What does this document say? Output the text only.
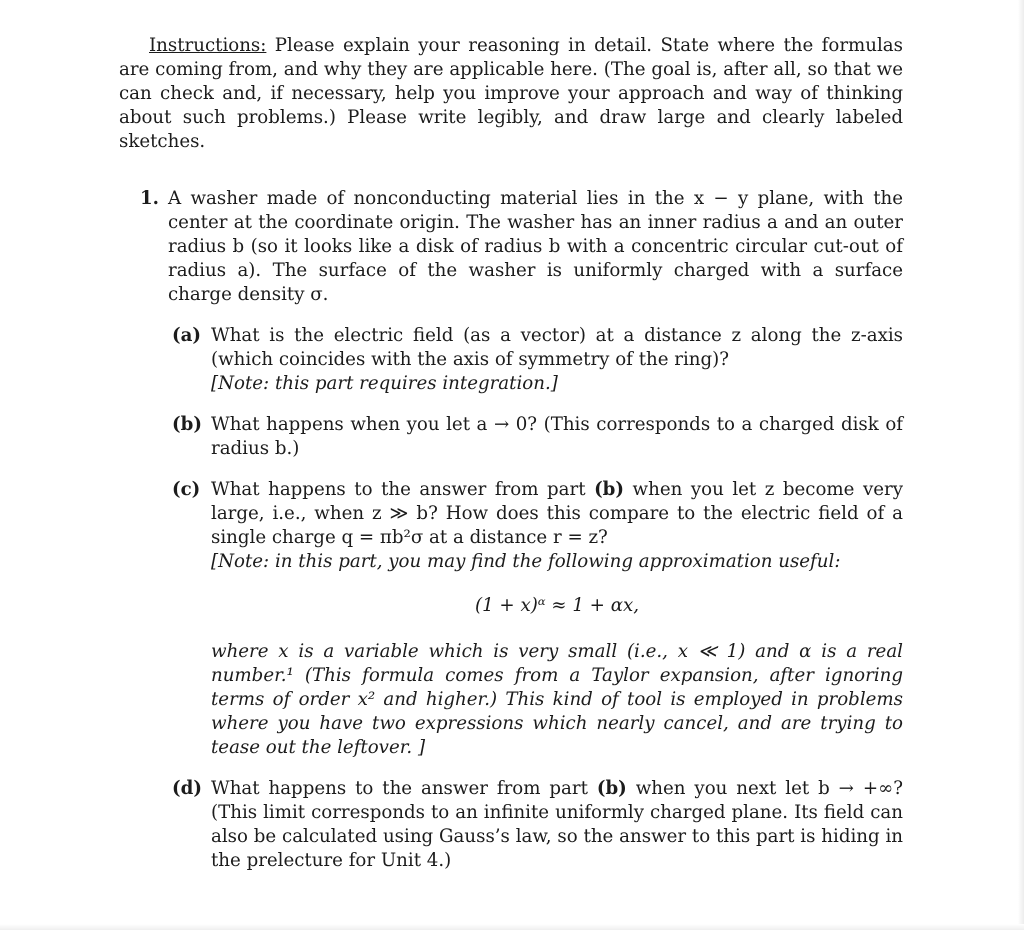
Instructions: Please explain your reasoning in detail. State where the formulas are coming from, and why they are applicable here. (The goal is, after all, so that we can check and, if necessary, help you improve your approach and way of thinking about such problems.) Please write legibly, and draw large and clearly labeled sketches.
1. A washer made of nonconducting material lies in the x − y plane, with the center at the coordinate origin. The washer has an inner radius a and an outer radius b (so it looks like a disk of radius b with a concentric circular cut-out of radius a). The surface of the washer is uniformly charged with a surface charge density σ.
(a) What is the electric field (as a vector) at a distance z along the z-axis (which coincides with the axis of symmetry of the ring)?
[Note: this part requires integration.]
(b) What happens when you let a → 0? (This corresponds to a charged disk of radius b.)
(c) What happens to the answer from part (b) when you let z become very large, i.e., when z ≫ b? How does this compare to the electric field of a single charge q = πb²σ at a distance r = z?
[Note: in this part, you may find the following approximation useful:
(1 + x)ᵅ ≈ 1 + αx,
where x is a variable which is very small (i.e., x ≪ 1) and α is a real number.¹ (This formula comes from a Taylor expansion, after ignoring terms of order x² and higher.) This kind of tool is employed in problems where you have two expressions which nearly cancel, and are trying to tease out the leftover. ]
(d) What happens to the answer from part (b) when you next let b → +∞? (This limit corresponds to an infinite uniformly charged plane. Its field can also be calculated using Gauss’s law, so the answer to this part is hiding in the prelecture for Unit 4.)
